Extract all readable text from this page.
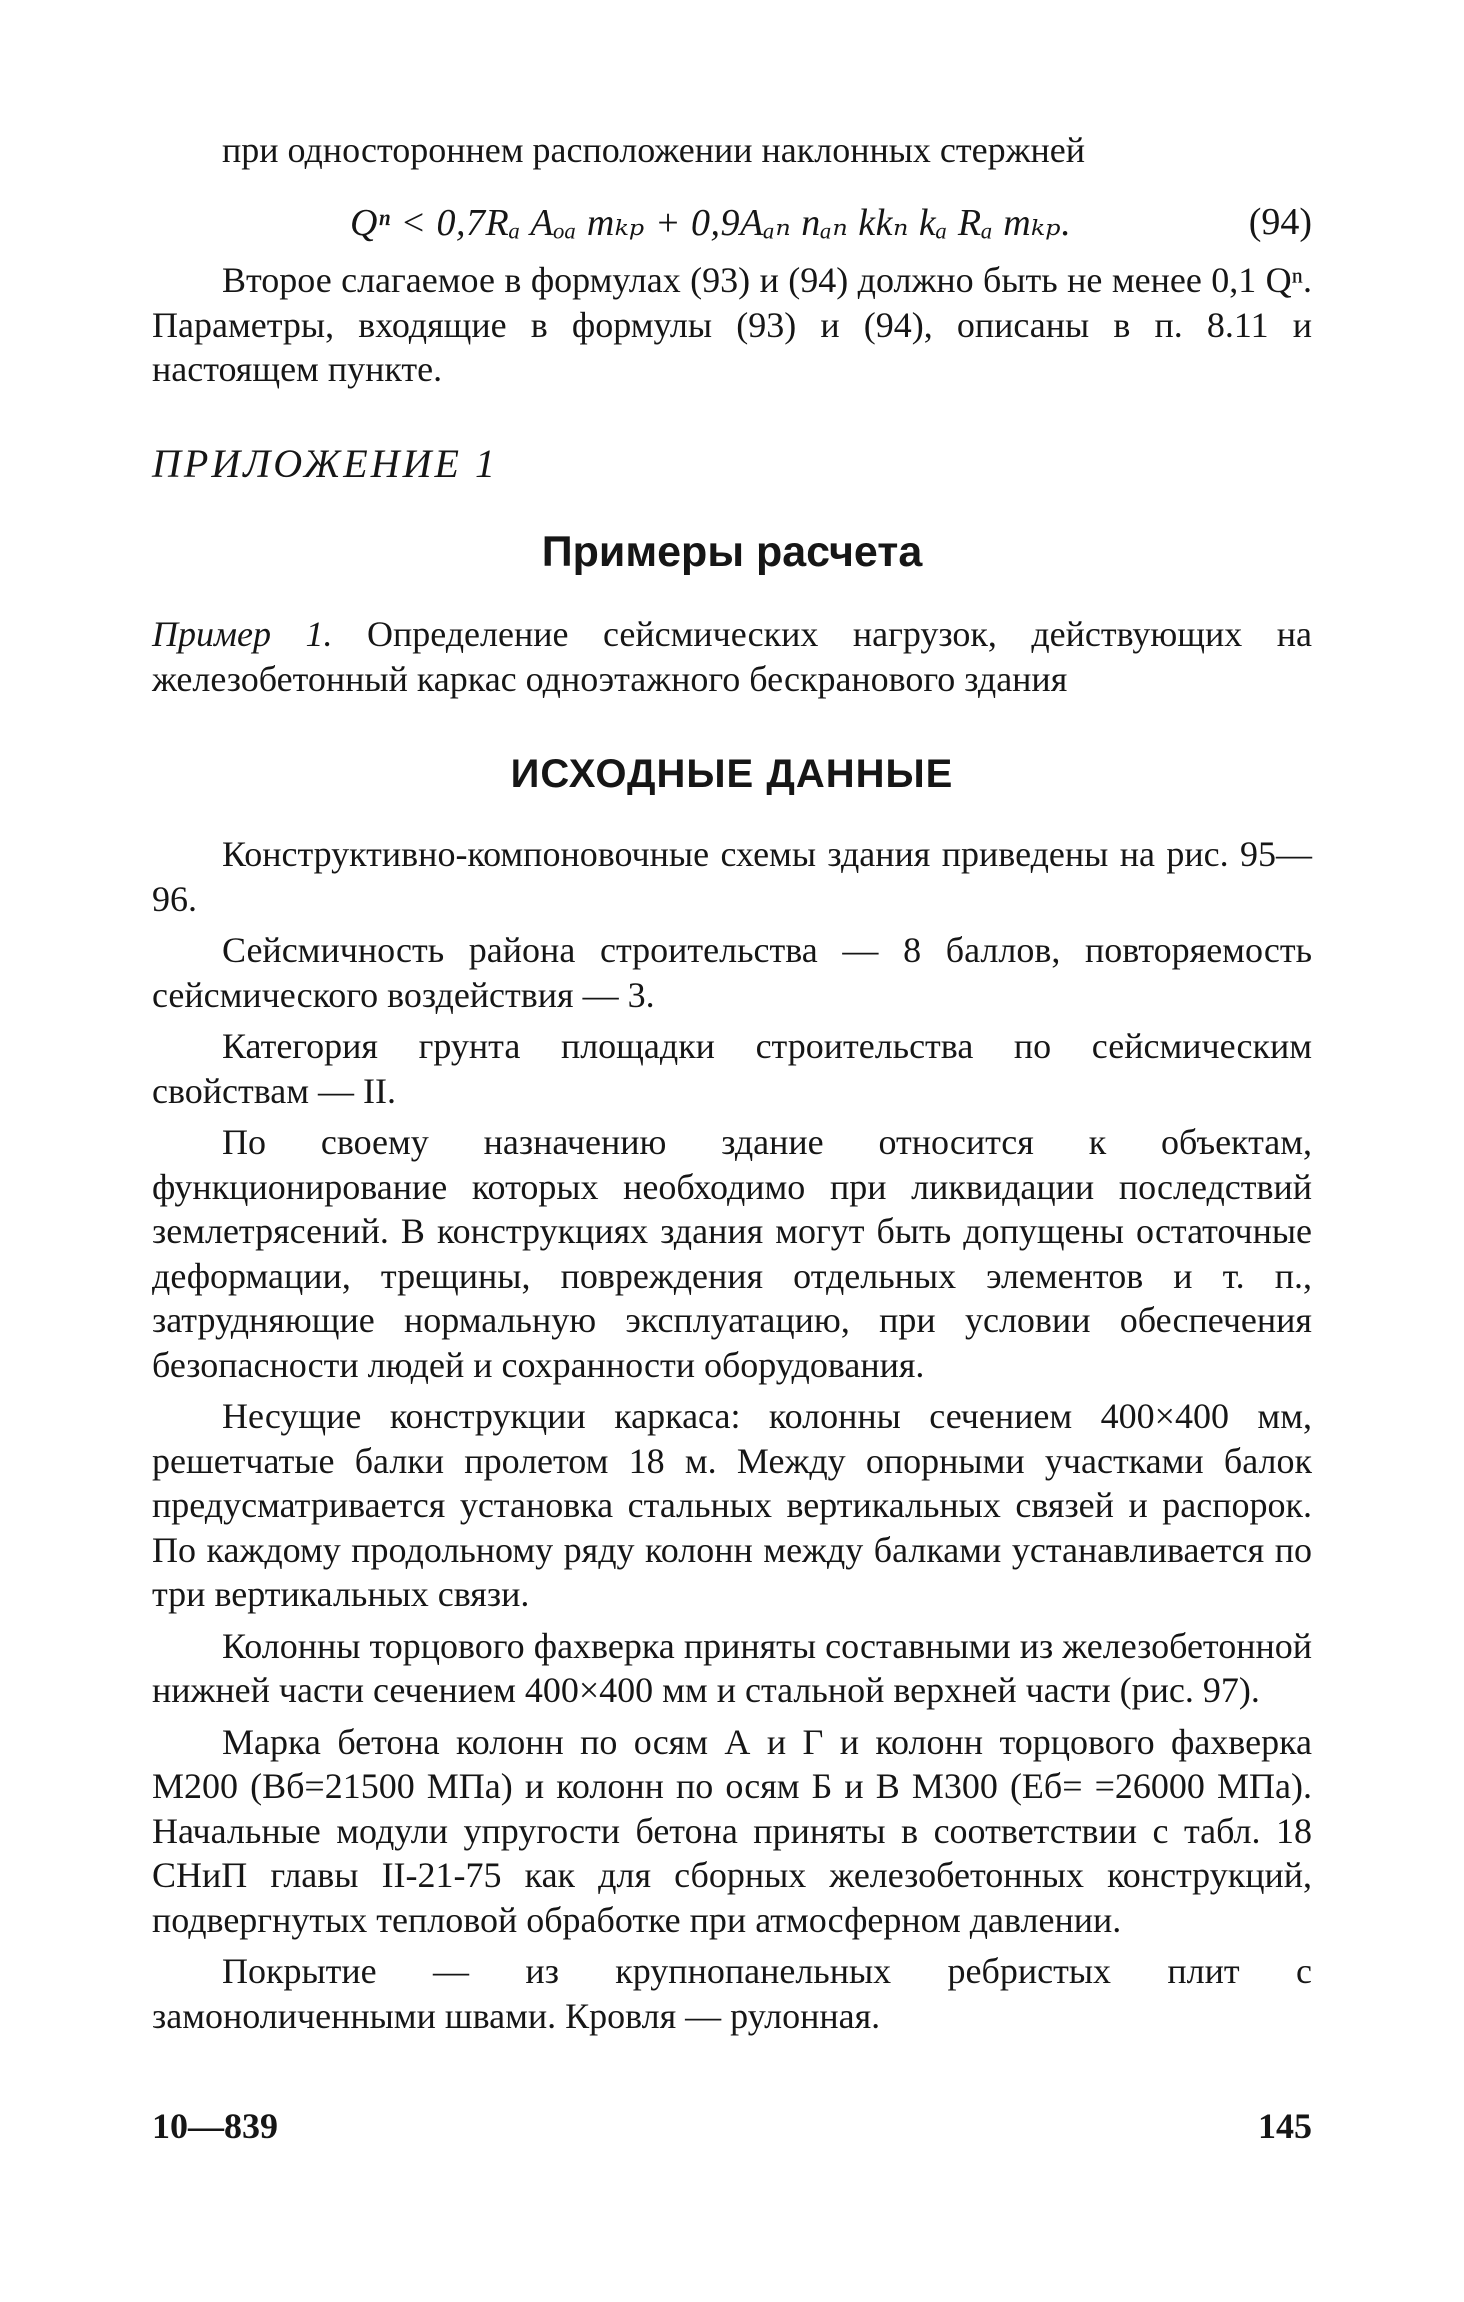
при одностороннем расположении наклонных стержней

Qⁿ < 0,7Rₐ Aₒₐ mₖₚ + 0,9Aₐₙ nₐₙ kkₙ kₐ Rₐ mₖₚ.	(94)

Второе слагаемое в формулах (93) и (94) должно быть не менее 0,1 Qⁿ. Параметры, входящие в формулы (93) и (94), описаны в п. 8.11 и настоящем пункте.

ПРИЛОЖЕНИЕ 1
Примеры расчета
Пример 1. Определение сейсмических нагрузок, действующих на железобетонный каркас одноэтажного бескранового здания
ИСХОДНЫЕ ДАННЫЕ

Конструктивно-компоновочные схемы здания приведены на рис. 95—96.

Сейсмичность района строительства — 8 баллов, повторяемость сейсмического воздействия — 3.

Категория грунта площадки строительства по сейсмическим свойствам — II.

По своему назначению здание относится к объектам, функционирование которых необходимо при ликвидации последствий землетрясений. В конструкциях здания могут быть допущены остаточные деформации, трещины, повреждения отдельных элементов и т. п., затрудняющие нормальную эксплуатацию, при условии обеспечения безопасности людей и сохранности оборудования.

Несущие конструкции каркаса: колонны сечением 400×400 мм, решетчатые балки пролетом 18 м. Между опорными участками балок предусматривается установка стальных вертикальных связей и распорок. По каждому продольному ряду колонн между балками устанавливается по три вертикальных связи.

Колонны торцового фахверка приняты составными из железобетонной нижней части сечением 400×400 мм и стальной верхней части (рис. 97).

Марка бетона колонн по осям А и Г и колонн торцового фахверка М200 (Вб=21500 МПа) и колонн по осям Б и В М300 (Еб= =26000 МПа). Начальные модули упругости бетона приняты в соответствии с табл. 18 СНиП главы II-21-75 как для сборных железобетонных конструкций, подвергнутых тепловой обработке при атмосферном давлении.

Покрытие — из крупнопанельных ребристых плит с замоноличенными швами. Кровля — рулонная.

10—839	145
